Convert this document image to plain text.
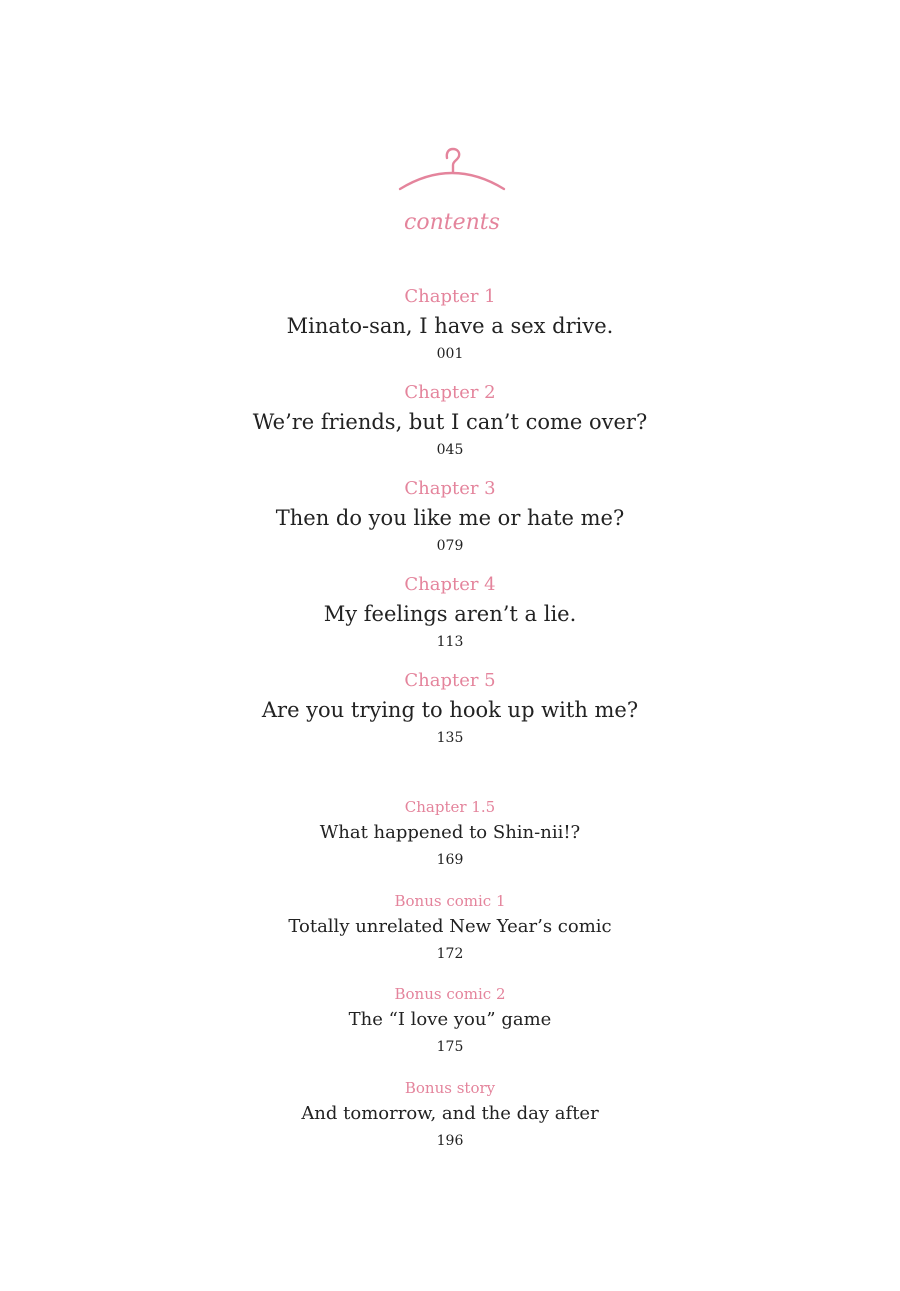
contents
Chapter 1
Minato-san, I have a sex drive.
001
Chapter 2
We’re friends, but I can’t come over?
045
Chapter 3
Then do you like me or hate me?
079
Chapter 4
My feelings aren’t a lie.
113
Chapter 5
Are you trying to hook up with me?
135
Chapter 1.5
What happened to Shin-nii!?
169
Bonus comic 1
Totally unrelated New Year’s comic
172
Bonus comic 2
The “I love you” game
175
Bonus story
And tomorrow, and the day after
196
